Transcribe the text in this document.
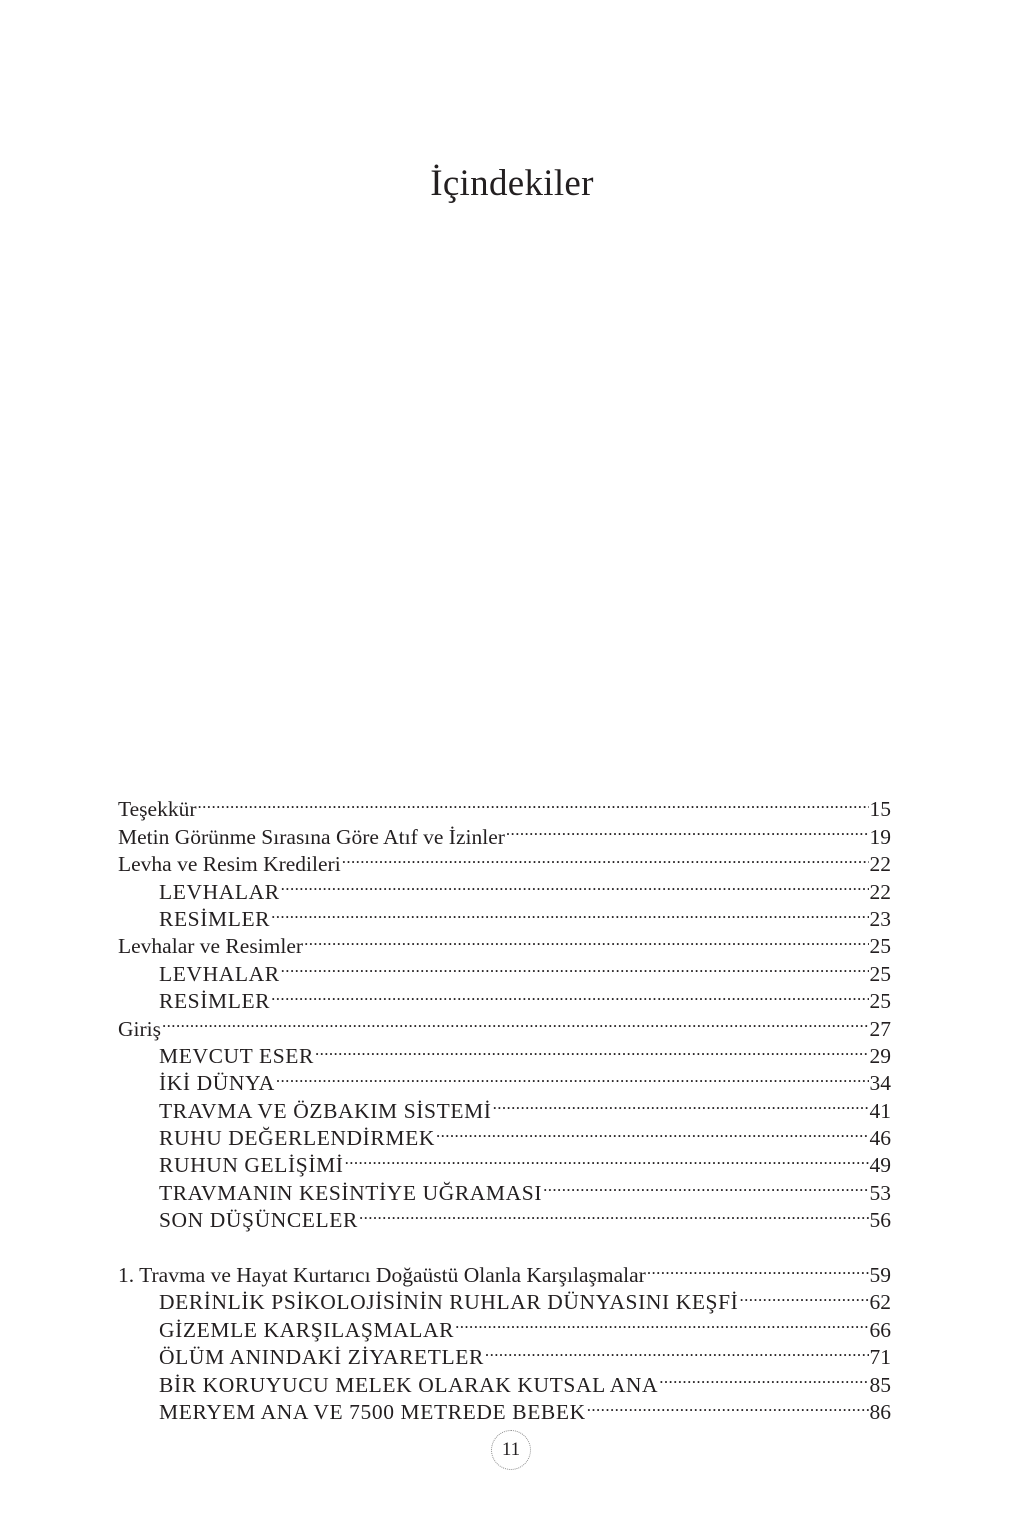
İçindekiler
Teşekkür .....	15
Metin Görünme Sırasına Göre Atıf ve İzinler .....	19
Levha ve Resim Kredileri .....	22
LEVHALAR .....	22
RESİMLER .....	23
Levhalar ve Resimler .....	25
LEVHALAR .....	25
RESİMLER .....	25
Giriş .....	27
MEVCUT ESER .....	29
İKİ DÜNYA .....	34
TRAVMA VE ÖZBAKIM SİSTEMİ .....	41
RUHU DEĞERLENDİRMEK .....	46
RUHUN GELİŞİMİ .....	49
TRAVMANIN KESİNTİYE UĞRAMASI .....	53
SON DÜŞÜNCELER .....	56
1. Travma ve Hayat Kurtarıcı Doğaüstü Olanla Karşılaşmalar .....	59
DERİNLİK PSİKOLOJİSİNİN RUHLAR DÜNYASINI KEŞFİ .....	62
GİZEMLE KARŞILAŞMALAR .....	66
ÖLÜM ANINDAKİ ZİYARETLER .....	71
BİR KORUYUCU MELEK OLARAK KUTSAL ANA .....	85
MERYEM ANA VE 7500 METREDE BEBEK .....	86
11
